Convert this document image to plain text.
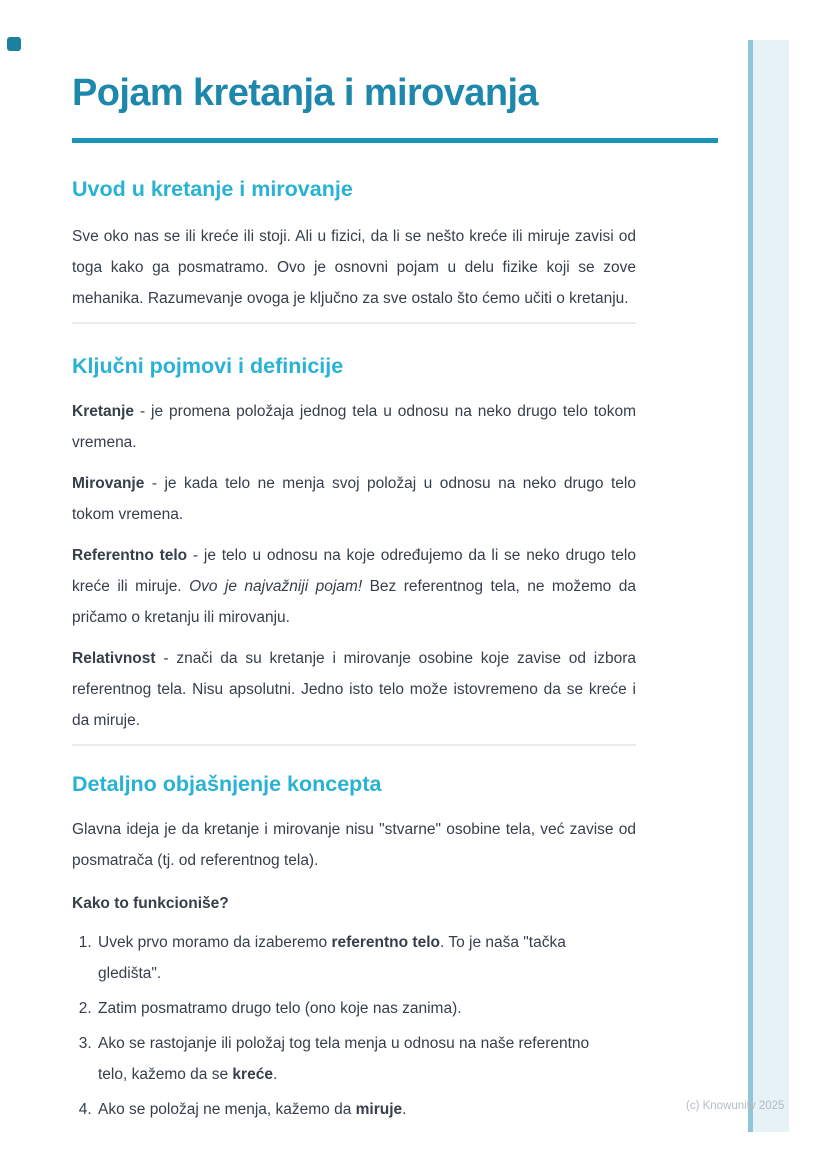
Pojam kretanja i mirovanja
Uvod u kretanje i mirovanje

Sve oko nas se ili kreće ili stoji. Ali u fizici, da li se nešto kreće ili miruje zavisi od toga kako ga posmatramo. Ovo je osnovni pojam u delu fizike koji se zove mehanika. Razumevanje ovoga je ključno za sve ostalo što ćemo učiti o kretanju.

Ključni pojmovi i definicije

Kretanje - je promena položaja jednog tela u odnosu na neko drugo telo tokom vremena.

Mirovanje - je kada telo ne menja svoj položaj u odnosu na neko drugo telo tokom vremena.

Referentno telo - je telo u odnosu na koje određujemo da li se neko drugo telo kreće ili miruje. Ovo je najvažniji pojam! Bez referentnog tela, ne možemo da pričamo o kretanju ili mirovanju.

Relativnost - znači da su kretanje i mirovanje osobine koje zavise od izbora referentnog tela. Nisu apsolutni. Jedno isto telo može istovremeno da se kreće i da miruje.

Detaljno objašnjenje koncepta

Glavna ideja je da kretanje i mirovanje nisu "stvarne" osobine tela, već zavise od posmatrača (tj. od referentnog tela).

Kako to funkcioniše?

1. Uvek prvo moramo da izaberemo referentno telo. To je naša "tačka
gledišta".
2. Zatim posmatramo drugo telo (ono koje nas zanima).
3. Ako se rastojanje ili položaj tog tela menja u odnosu na naše referentno
telo, kažemo da se kreće.
4. Ako se položaj ne menja, kažemo da miruje.	(c) Knowunity 2025
